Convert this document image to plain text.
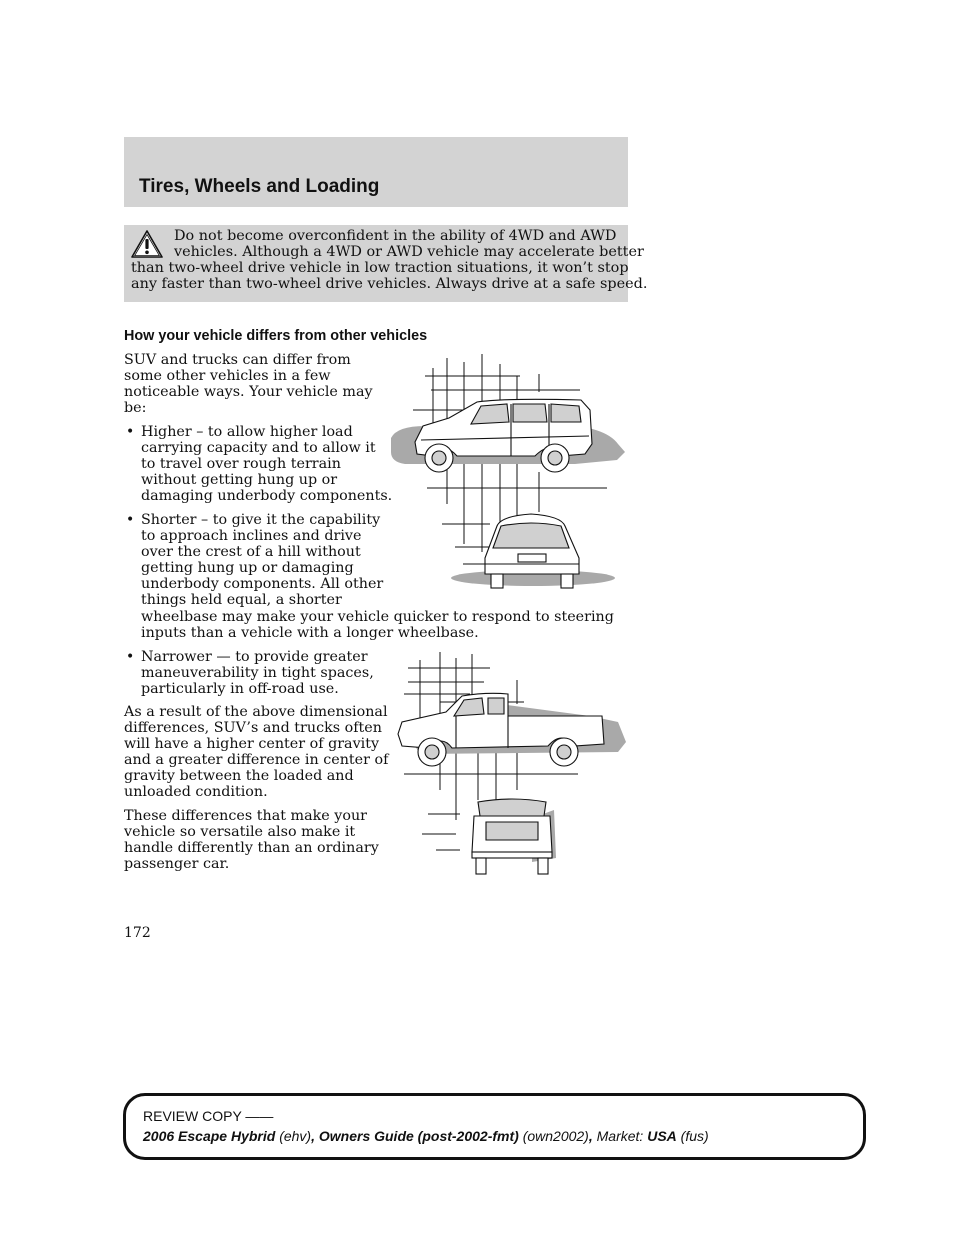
Tires, Wheels and Loading
Do not become overconfident in the ability of 4WD and AWD
vehicles. Although a 4WD or AWD vehicle may accelerate better
than two-wheel drive vehicle in low traction situations, it won’t stop
any faster than two-wheel drive vehicles. Always drive at a safe speed.
How your vehicle differs from other vehicles
SUV and trucks can differ from
some other vehicles in a few
noticeable ways. Your vehicle may
be:
• Higher – to allow higher load
carrying capacity and to allow it
to travel over rough terrain
without getting hung up or
damaging underbody components.
• Shorter – to give it the capability
to approach inclines and drive
over the crest of a hill without
getting hung up or damaging
underbody components. All other
things held equal, a shorter
wheelbase may make your vehicle quicker to respond to steering
inputs than a vehicle with a longer wheelbase.
• Narrower — to provide greater
maneuverability in tight spaces,
particularly in off-road use.
As a result of the above dimensional
differences, SUV’s and trucks often
will have a higher center of gravity
and a greater difference in center of
gravity between the loaded and
unloaded condition.
These differences that make your
vehicle so versatile also make it
handle differently than an ordinary
passenger car.
172
REVIEW COPY ——
2006 Escape Hybrid (ehv), Owners Guide (post-2002-fmt) (own2002), Market: USA (fus)
